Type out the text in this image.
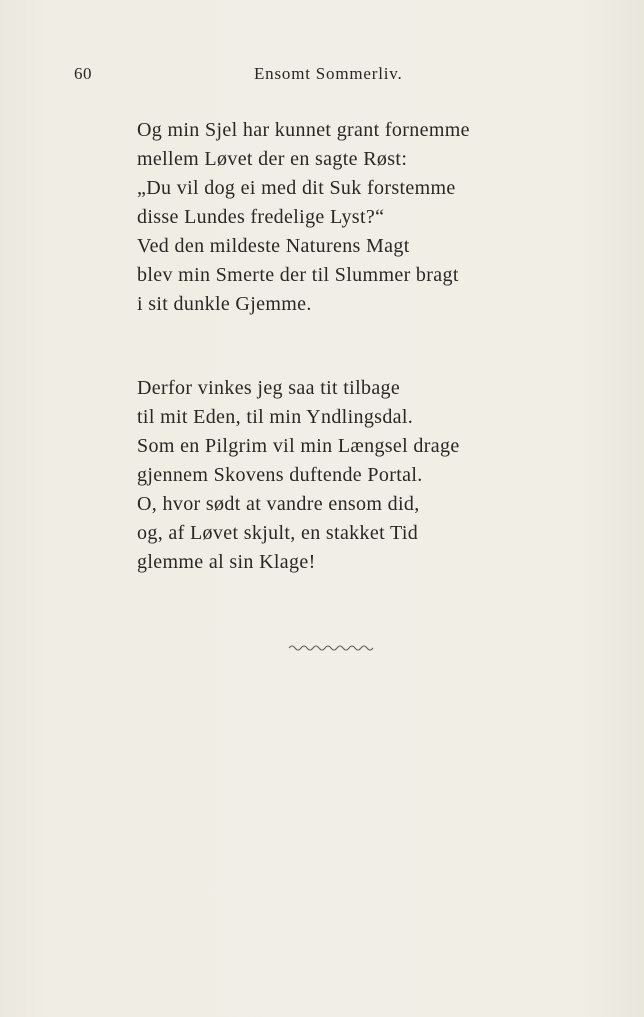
60	Ensomt Sommerliv.
Og min Sjel har kunnet grant fornemme
mellem Løvet der en sagte Røst:
„Du vil dog ei med dit Suk forstemme
disse Lundes fredelige Lyst?“
Ved den mildeste Naturens Magt
blev min Smerte der til Slummer bragt
i sit dunkle Gjemme.
Derfor vinkes jeg saa tit tilbage
til mit Eden, til min Yndlingsdal.
Som en Pilgrim vil min Længsel drage
gjennem Skovens duftende Portal.
O, hvor sødt at vandre ensom did,
og, af Løvet skjult, en stakket Tid
glemme al sin Klage!
